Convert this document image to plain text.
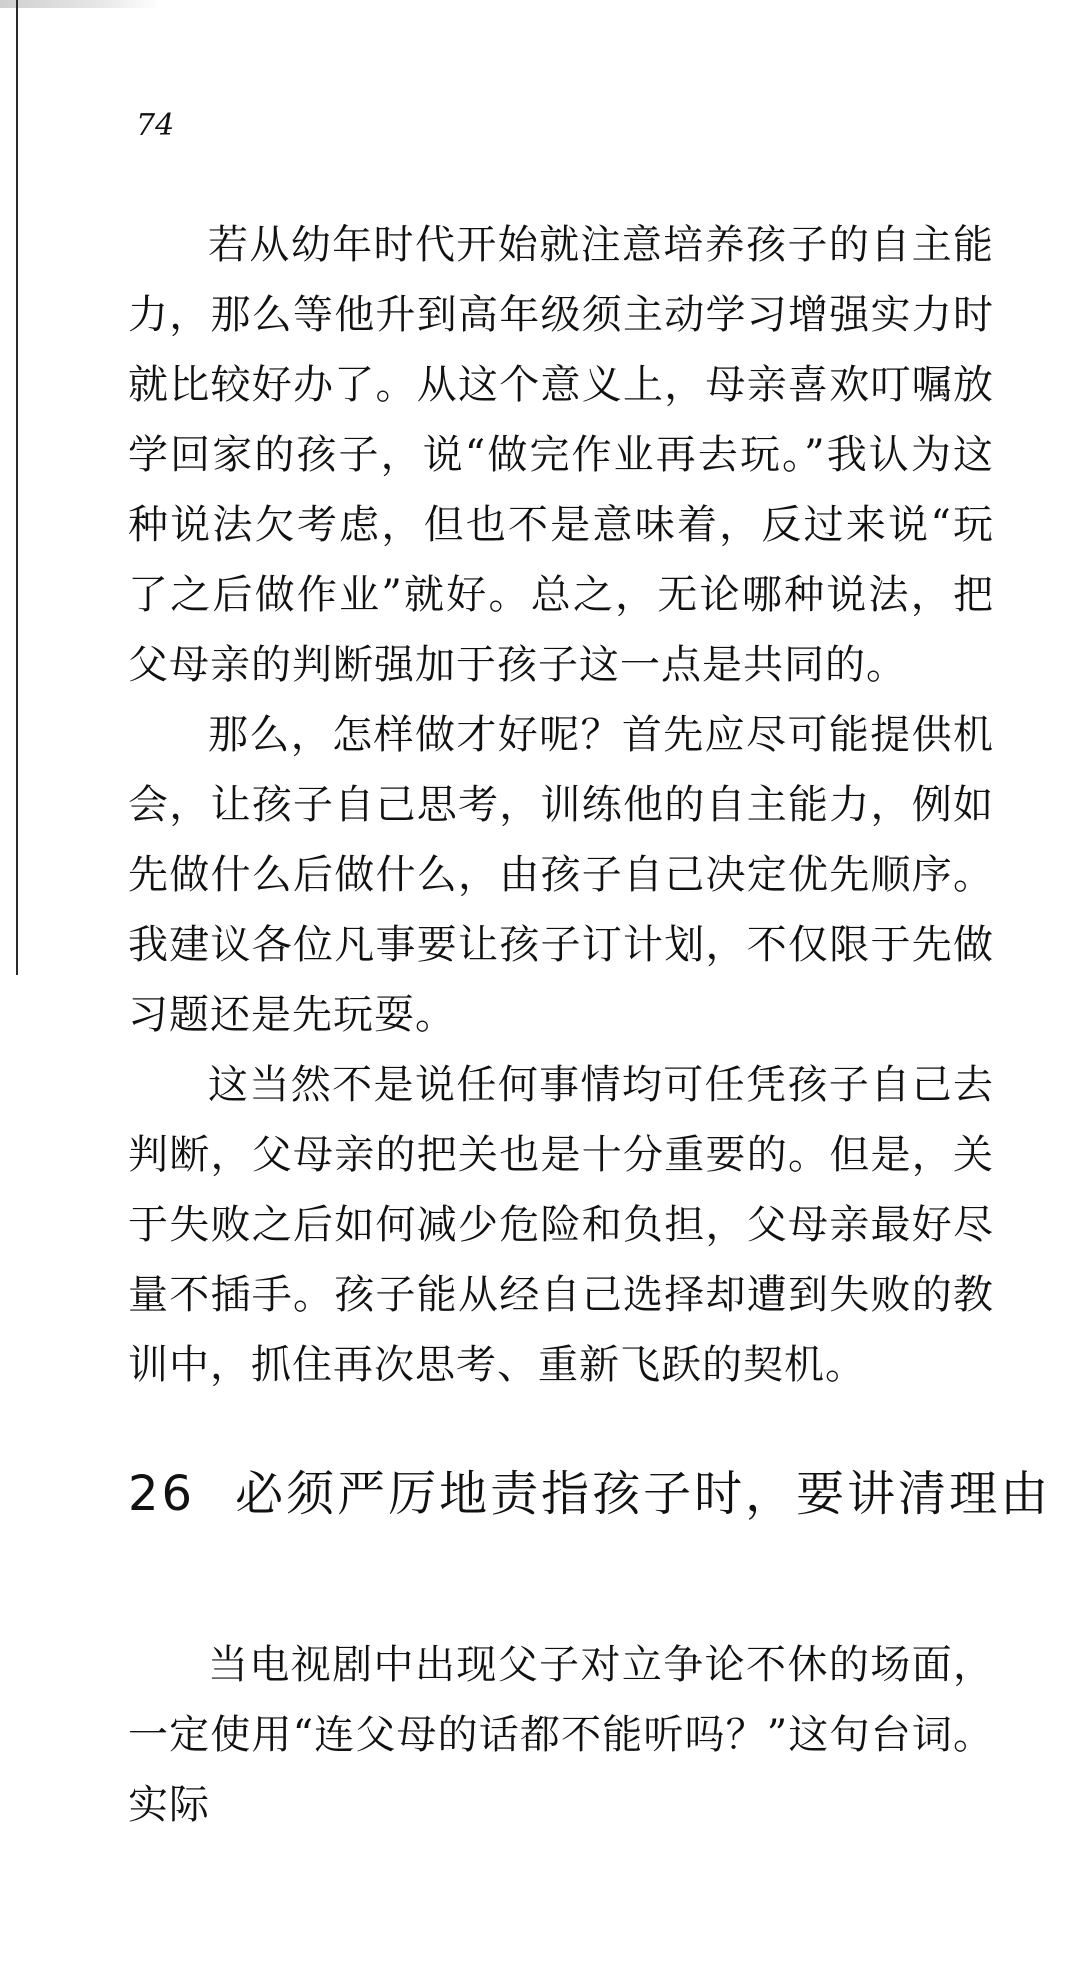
74

若从幼年时代开始就注意培养孩子的自主能力，那么等他升到高年级须主动学习增强实力时就比较好办了。从这个意义上，母亲喜欢叮嘱放学回家的孩子，说“做完作业再去玩。”我认为这种说法欠考虑，但也不是意味着，反过来说“玩了之后做作业”就好。总之，无论哪种说法，把父母亲的判断强加于孩子这一点是共同的。

那么，怎样做才好呢？首先应尽可能提供机会，让孩子自己思考，训练他的自主能力，例如先做什么后做什么，由孩子自己决定优先顺序。我建议各位凡事要让孩子订计划，不仅限于先做习题还是先玩耍。

这当然不是说任何事情均可任凭孩子自己去判断，父母亲的把关也是十分重要的。但是，关于失败之后如何减少危险和负担，父母亲最好尽量不插手。孩子能从经自己选择却遭到失败的教训中，抓住再次思考、重新飞跃的契机。

26 必须严厉地责指孩子时，要讲清理由

当电视剧中出现父子对立争论不休的场面，一定使用“连父母的话都不能听吗？”这句台词。实际
